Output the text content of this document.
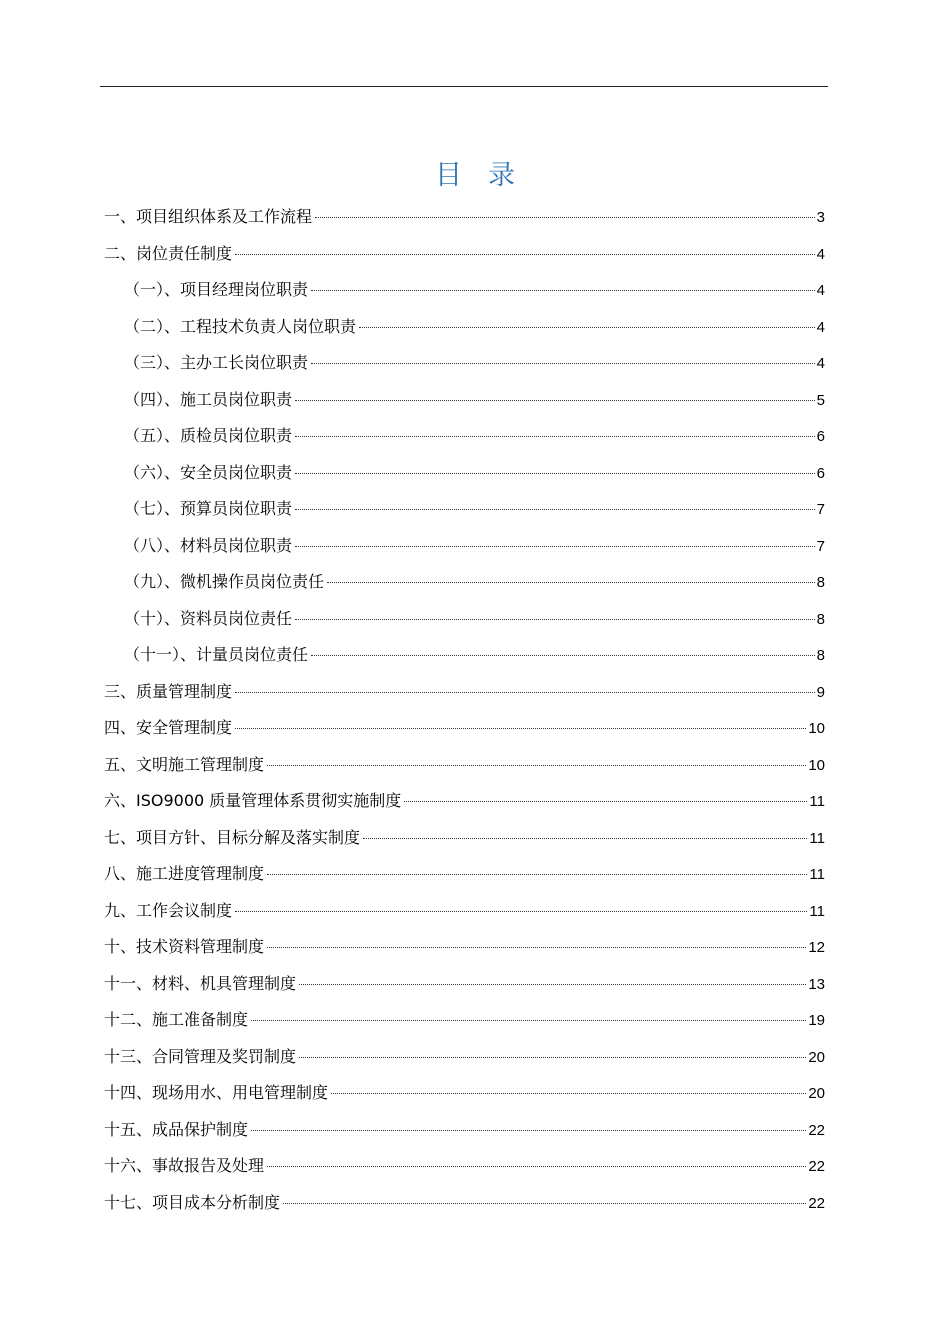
目录
一、项目组织体系及工作流程	3
二、岗位责任制度	4
（一）、项目经理岗位职责	4
（二）、工程技术负责人岗位职责	4
（三）、主办工长岗位职责	4
（四）、施工员岗位职责	5
（五）、质检员岗位职责	6
（六）、安全员岗位职责	6
（七）、预算员岗位职责	7
（八）、材料员岗位职责	7
（九）、微机操作员岗位责任	8
（十）、资料员岗位责任	8
（十一）、计量员岗位责任	8
三、质量管理制度	9
四、安全管理制度	10
五、文明施工管理制度	10
六、ISO9000 质量管理体系贯彻实施制度	11
七、项目方针、目标分解及落实制度	11
八、施工进度管理制度	11
九、工作会议制度	11
十、技术资料管理制度	12
十一、材料、机具管理制度	13
十二、施工准备制度	19
十三、合同管理及奖罚制度	20
十四、现场用水、用电管理制度	20
十五、成品保护制度	22
十六、事故报告及处理	22
十七、项目成本分析制度	22
